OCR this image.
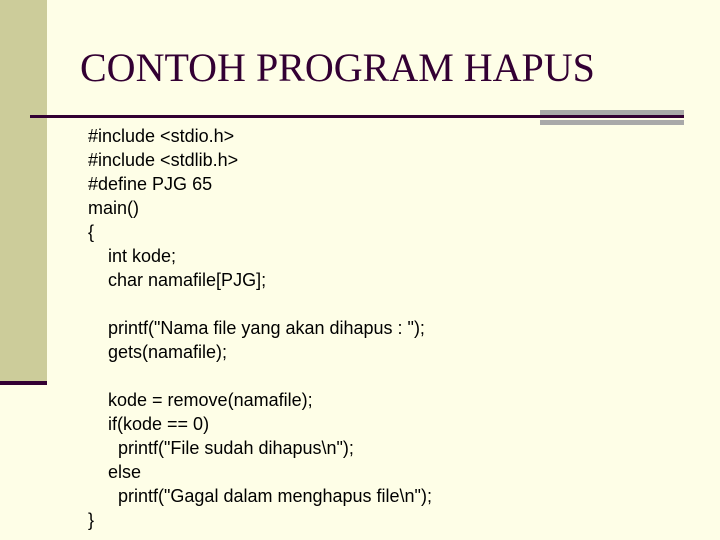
CONTOH PROGRAM HAPUS
#include <stdio.h>
#include <stdlib.h>
#define PJG 65
main()
{
int kode;
char namafile[PJG];
printf("Nama file yang akan dihapus : ");
gets(namafile);
kode = remove(namafile);
if(kode == 0)
printf("File sudah dihapus\n");
else
printf("Gagal dalam menghapus file\n");
}
